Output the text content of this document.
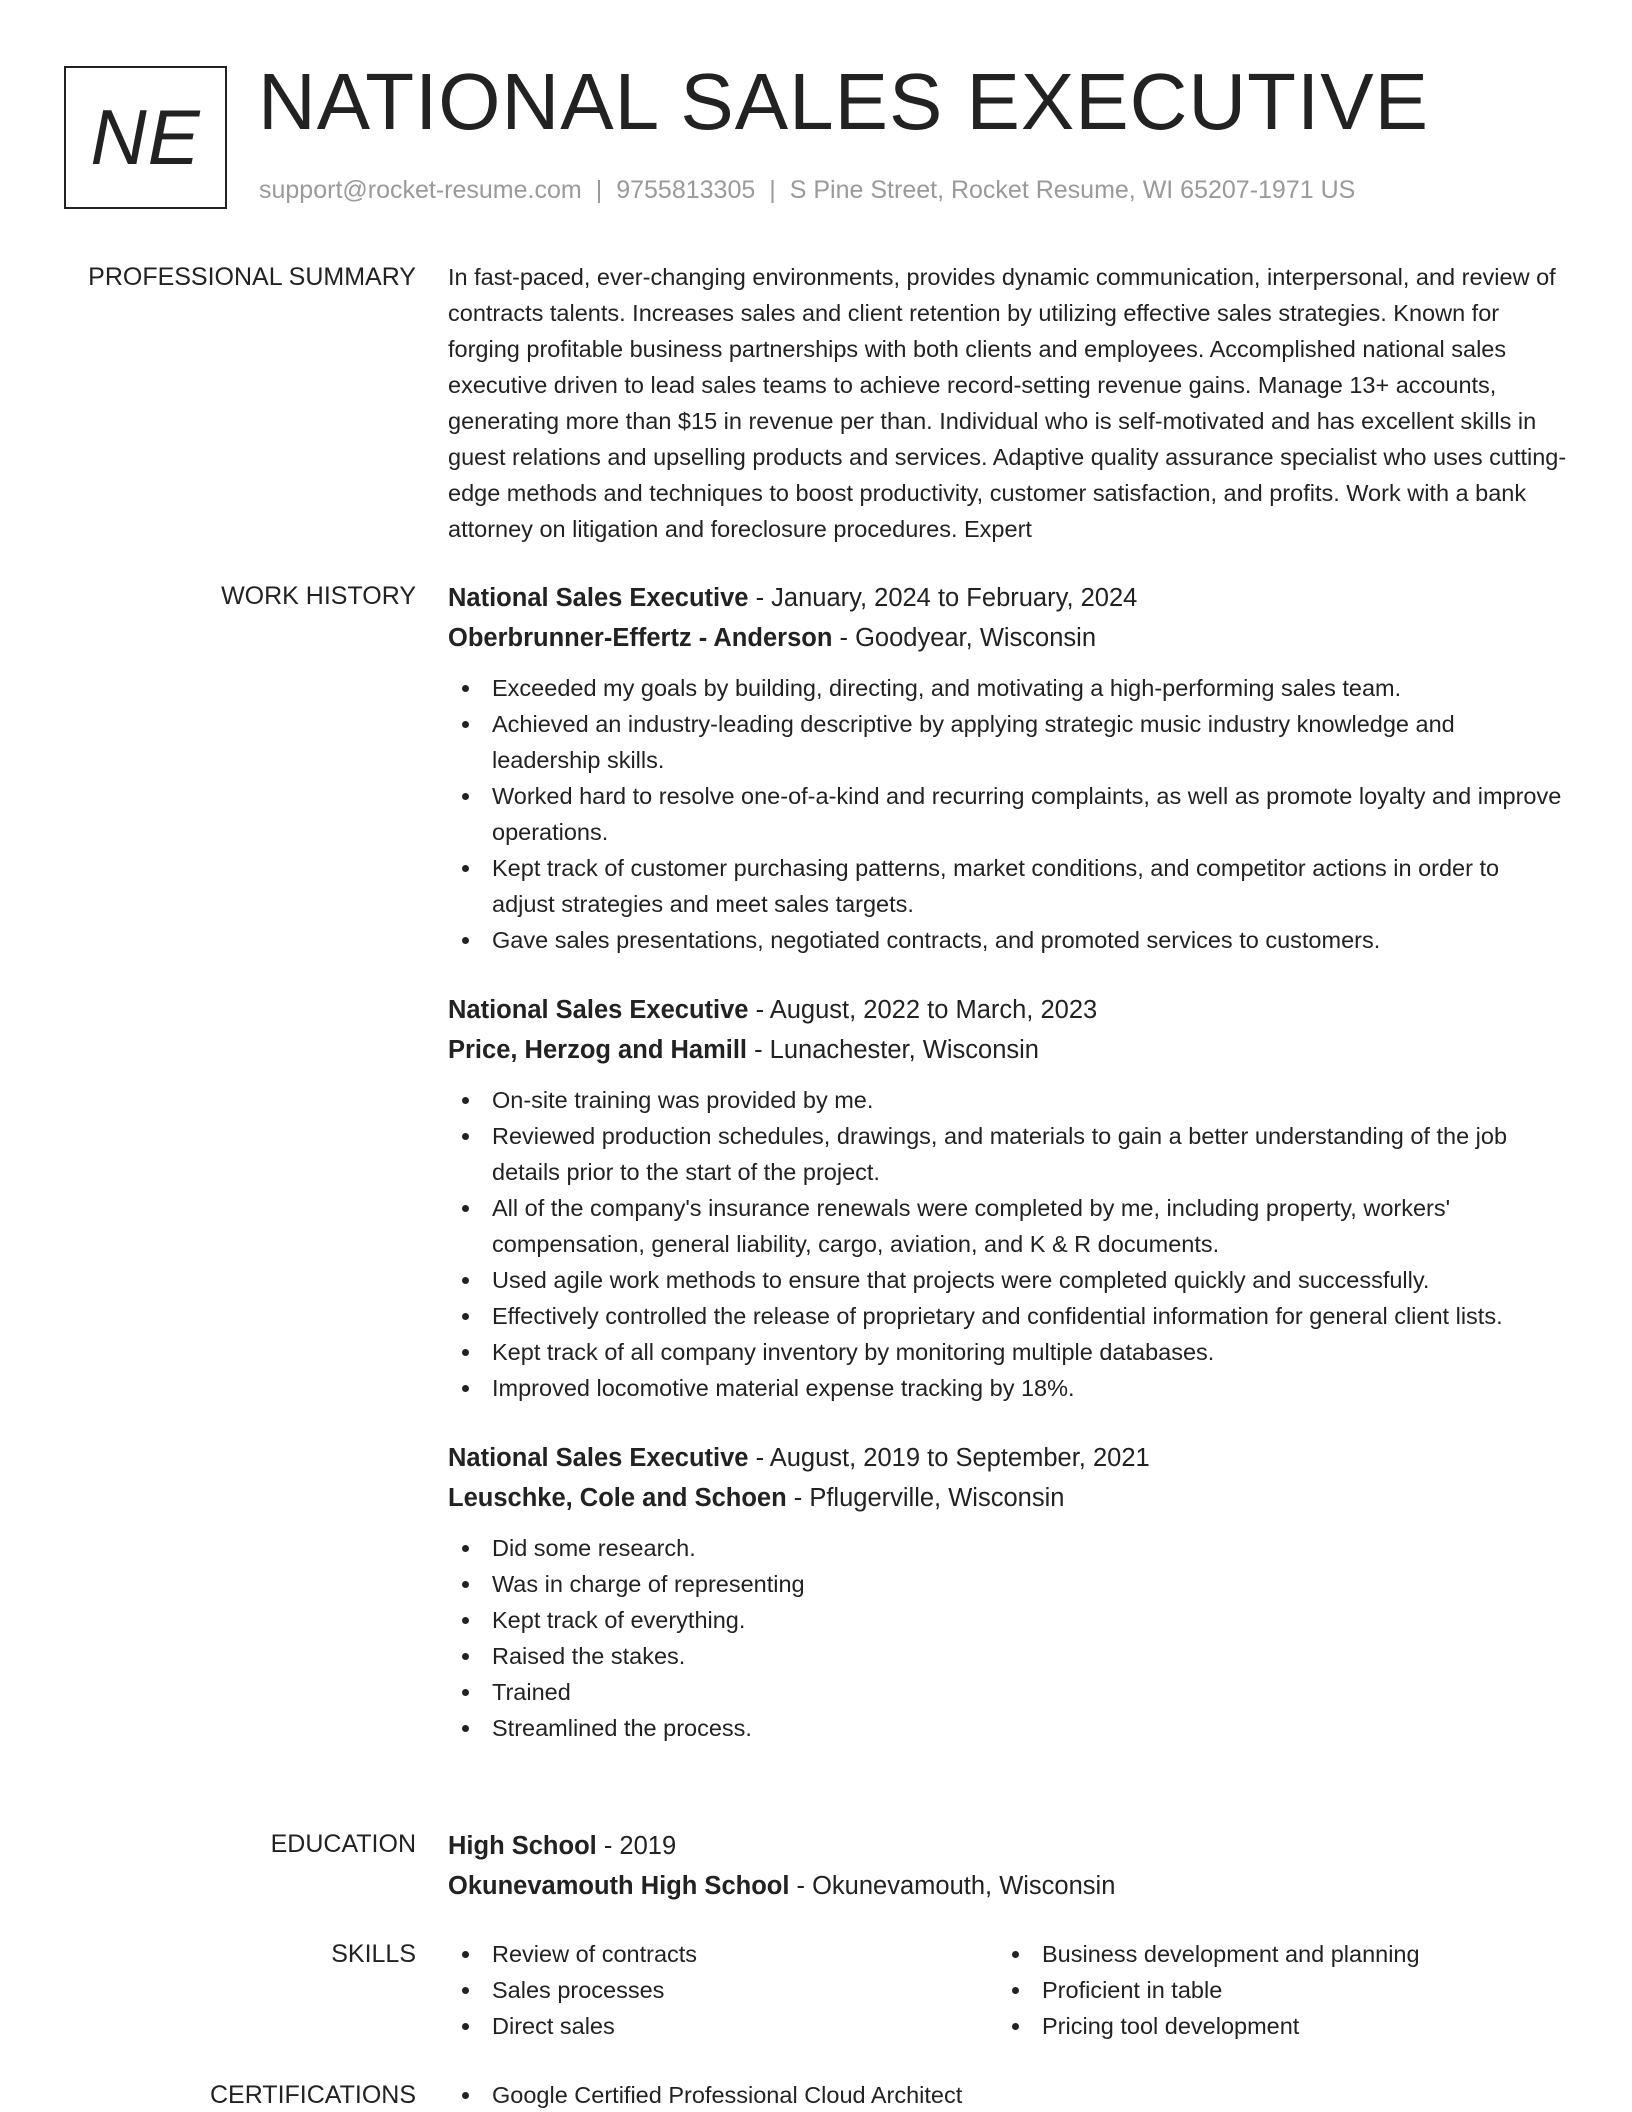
NE NATIONAL SALES EXECUTIVE
support@rocket-resume.com | 9755813305 | S Pine Street, Rocket Resume, WI 65207-1971 US
PROFESSIONAL SUMMARY In fast-paced, ever-changing environments, provides dynamic communication, interpersonal, and review of contracts talents. Increases sales and client retention by utilizing effective sales strategies. Known for forging profitable business partnerships with both clients and employees. Accomplished national sales executive driven to lead sales teams to achieve record-setting revenue gains. Manage 13+ accounts, generating more than $15 in revenue per than. Individual who is self-motivated and has excellent skills in guest relations and upselling products and services. Adaptive quality assurance specialist who uses cutting-edge methods and techniques to boost productivity, customer satisfaction, and profits. Work with a bank attorney on litigation and foreclosure procedures. Expert
WORK HISTORY National Sales Executive - January, 2024 to February, 2024
Oberbrunner-Effertz - Anderson - Goodyear, Wisconsin
Exceeded my goals by building, directing, and motivating a high-performing sales team.
Achieved an industry-leading descriptive by applying strategic music industry knowledge and leadership skills.
Worked hard to resolve one-of-a-kind and recurring complaints, as well as promote loyalty and improve operations.
Kept track of customer purchasing patterns, market conditions, and competitor actions in order to adjust strategies and meet sales targets.
Gave sales presentations, negotiated contracts, and promoted services to customers.
National Sales Executive - August, 2022 to March, 2023
Price, Herzog and Hamill - Lunachester, Wisconsin
On-site training was provided by me.
Reviewed production schedules, drawings, and materials to gain a better understanding of the job details prior to the start of the project.
All of the company's insurance renewals were completed by me, including property, workers' compensation, general liability, cargo, aviation, and K & R documents.
Used agile work methods to ensure that projects were completed quickly and successfully.
Effectively controlled the release of proprietary and confidential information for general client lists.
Kept track of all company inventory by monitoring multiple databases.
Improved locomotive material expense tracking by 18%.
National Sales Executive - August, 2019 to September, 2021
Leuschke, Cole and Schoen - Pflugerville, Wisconsin
Did some research.
Was in charge of representing
Kept track of everything.
Raised the stakes.
Trained
Streamlined the process.
EDUCATION High School - 2019
Okunevamouth High School - Okunevamouth, Wisconsin
SKILLS	Review of contracts
Sales processes
Direct sales
Business development and planning
Proficient in table
Pricing tool development
CERTIFICATIONS	Google Certified Professional Cloud Architect
